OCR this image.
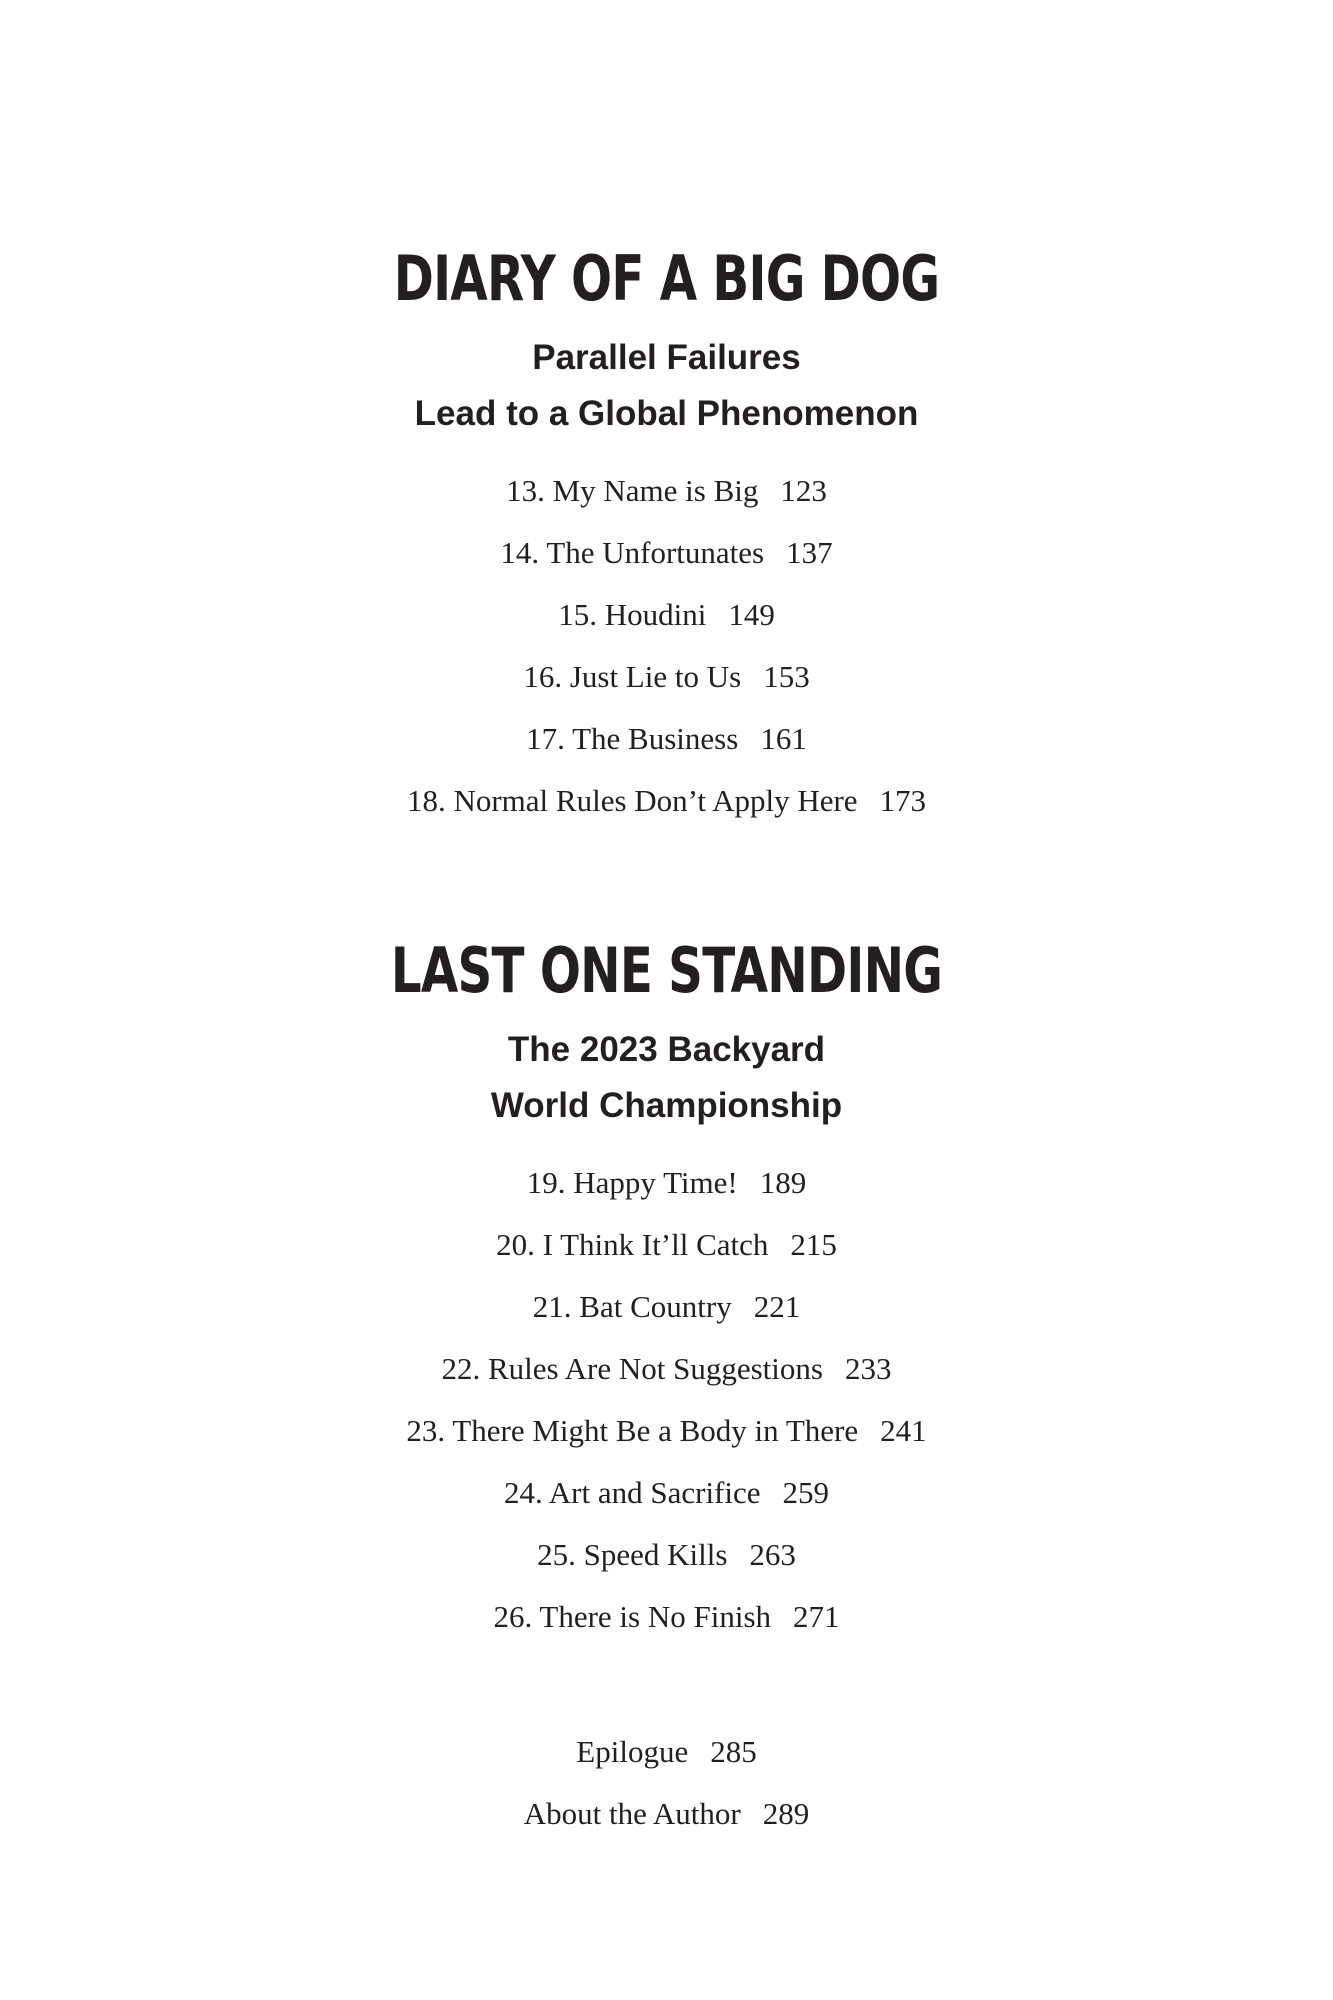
DIARY OF A BIG DOG
Parallel Failures
Lead to a Global Phenomenon
13. My Name is Big 123
14. The Unfortunates 137
15. Houdini 149
16. Just Lie to Us 153
17. The Business 161
18. Normal Rules Don’t Apply Here 173
LAST ONE STANDING
The 2023 Backyard
World Championship
19. Happy Time! 189
20. I Think It’ll Catch 215
21. Bat Country 221
22. Rules Are Not Suggestions 233
23. There Might Be a Body in There 241
24. Art and Sacrifice 259
25. Speed Kills 263
26. There is No Finish 271
Epilogue 285
About the Author 289
